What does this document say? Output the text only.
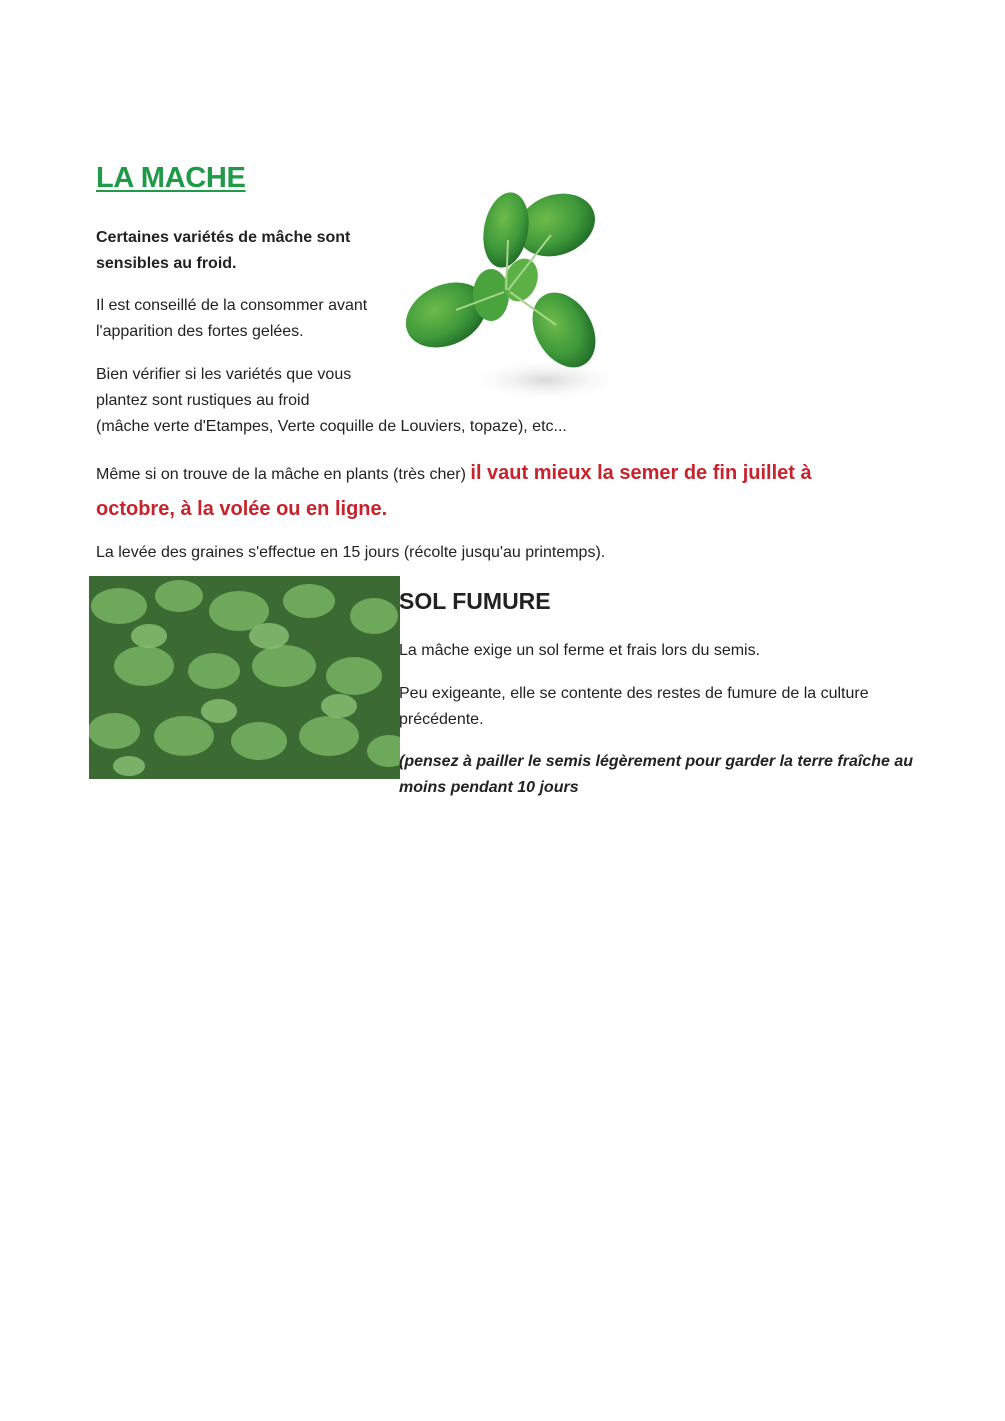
LA MACHE

Certaines variétés de mâche sont sensibles au froid.

Il est conseillé de la consommer avant l'apparition des fortes gelées.

Bien vérifier si les variétés que vous
plantez sont rustiques au froid
(mâche verte d'Etampes, Verte coquille de Louviers, topaze), etc...

Même si on trouve de la mâche en plants (très cher) il vaut mieux la semer de fin juillet à octobre, à la volée ou en ligne.

La levée des graines s'effectue en 15 jours (récolte jusqu'au printemps).

SOL FUMURE

La mâche exige un sol ferme et frais lors du semis.

Peu exigeante, elle se contente des restes de fumure de la culture précédente.

(pensez à pailler le semis légèrement pour garder la terre fraîche au moins pendant 10 jours
